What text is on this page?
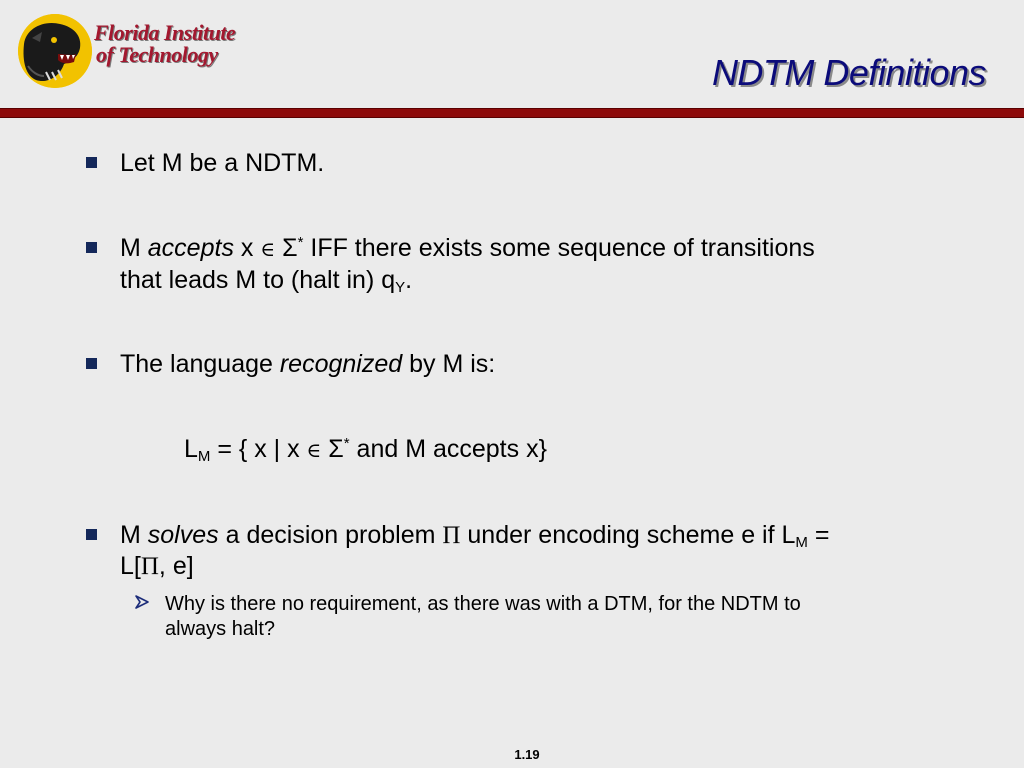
Florida Institute
of Technology	NDTM Definitions
Let M be a NDTM.
M accepts x ∈ Σ* IFF there exists some sequence of transitions
that leads M to (halt in) $q_Y$.
The language recognized by M is:
$L_M$ = { x | x ∈ Σ* and M accepts x}
M solves a decision problem Π under encoding scheme e if $L_M$ =
L[Π, e]
Why is there no requirement, as there was with a DTM, for the NDTM to
always halt?
1.19
